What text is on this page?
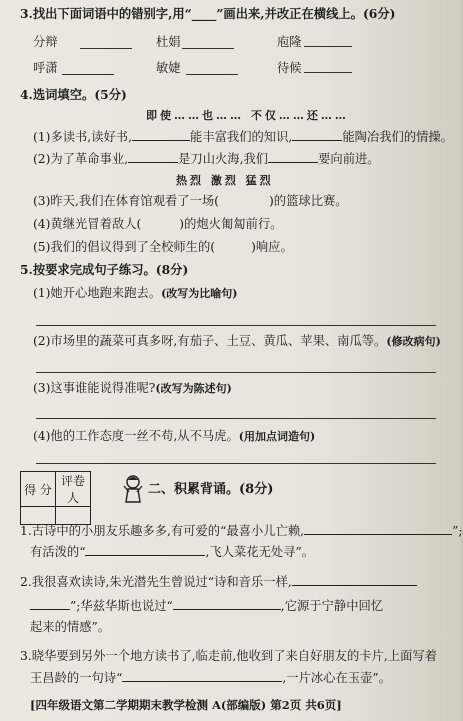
3.找出下面词语中的错别字,用“____”画出来,并改正在横线上。(6分)
分辩	杜娟	庖隆
呼潇	敏婕	待候
4.选词填空。(5分)
即使……也…… 不仅……还……
(1)多读书,读好书,	能丰富我们的知识,	能陶冶我们的情操。
(2)为了革命事业,	是刀山火海,我们	要向前进。
热烈 激烈 猛烈
(3)昨天,我们在体育馆观看了一场(	)的篮球比赛。
(4)黄继光冒着敌人(	)的炮火匍匐前行。
(5)我们的倡议得到了全校师生的(	)响应。
5.按要求完成句子练习。(8分)
(1)她开心地跑来跑去。(改写为比喻句)
(2)市场里的蔬菜可真多呀,有茄子、土豆、黄瓜、苹果、南瓜等。(修改病句)
(3)这事谁能说得准呢?(改写为陈述句)
(4)他的工作态度一丝不苟,从不马虎。(用加点词造句)
得 分	评卷人

二、积累背诵。(8分)
1.古诗中的小朋友乐趣多多,有可爱的“最喜小儿亡赖,	”;
有活泼的“	,飞人菜花无处寻”。
2.我很喜欢读诗,朱光潜先生曾说过“诗和音乐一样,
”;华兹华斯也说过“	,它源于宁静中回忆
起来的情感”。
3.晓华要到另外一个地方读书了,临走前,他收到了来自好朋友的卡片,上面写着
王昌龄的一句诗“	,一片冰心在玉壶”。
[四年级语文第二学期期末教学检测 A(部编版) 第2页 共6页]
